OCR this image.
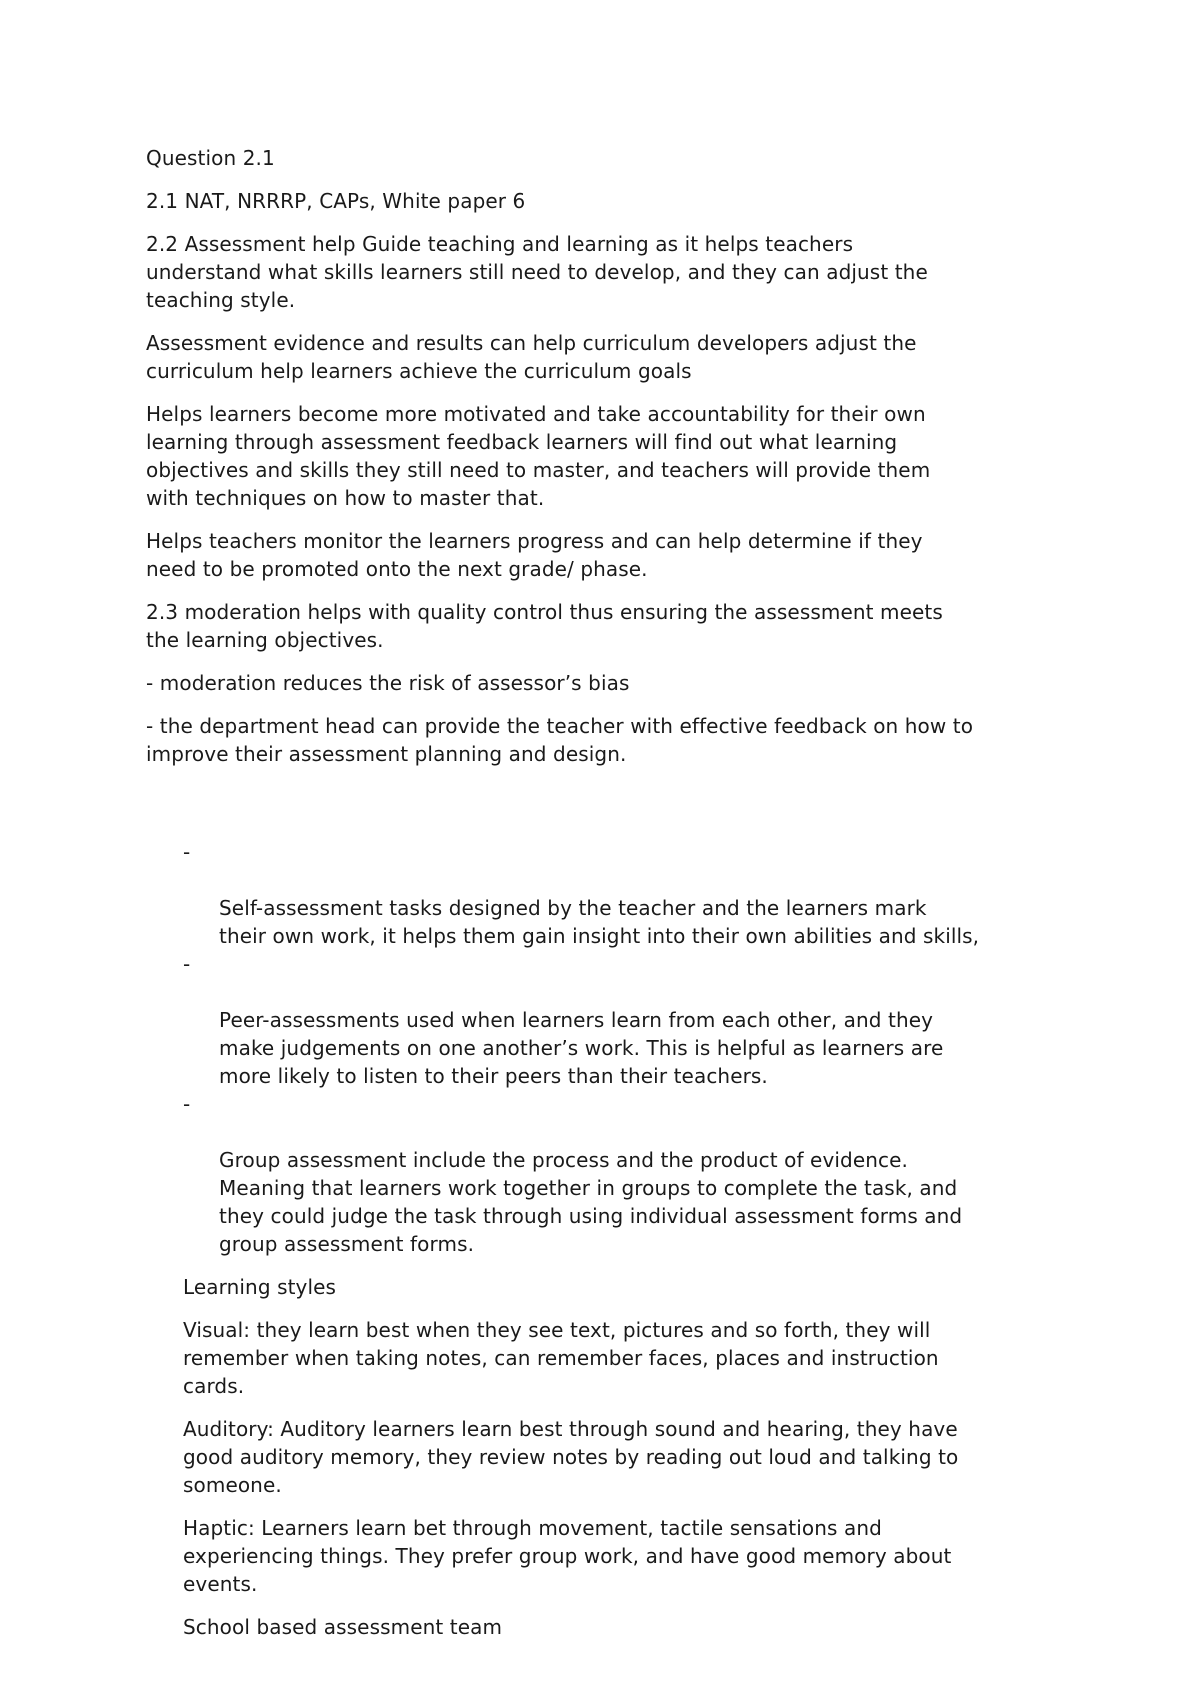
Question 2.1

2.1 NAT, NRRRP, CAPs, White paper 6

2.2 Assessment help Guide teaching and learning as it helps teachers
understand what skills learners still need to develop, and they can adjust the
teaching style.

Assessment evidence and results can help curriculum developers adjust the
curriculum help learners achieve the curriculum goals

Helps learners become more motivated and take accountability for their own
learning through assessment feedback learners will find out what learning
objectives and skills they still need to master, and teachers will provide them
with techniques on how to master that.

Helps teachers monitor the learners progress and can help determine if they
need to be promoted onto the next grade/ phase.

2.3 moderation helps with quality control thus ensuring the assessment meets
the learning objectives.

- moderation reduces the risk of assessor’s bias

- the department head can provide the teacher with effective feedback on how to
improve their assessment planning and design.

-

Self-assessment tasks designed by the teacher and the learners mark
their own work, it helps them gain insight into their own abilities and skills,

-

Peer-assessments used when learners learn from each other, and they
make judgements on one another’s work. This is helpful as learners are
more likely to listen to their peers than their teachers.

-

Group assessment include the process and the product of evidence.
Meaning that learners work together in groups to complete the task, and
they could judge the task through using individual assessment forms and
group assessment forms.

Learning styles

Visual: they learn best when they see text, pictures and so forth, they will
remember when taking notes, can remember faces, places and instruction
cards.

Auditory: Auditory learners learn best through sound and hearing, they have
good auditory memory, they review notes by reading out loud and talking to
someone.

Haptic: Learners learn bet through movement, tactile sensations and
experiencing things. They prefer group work, and have good memory about
events.

School based assessment team
